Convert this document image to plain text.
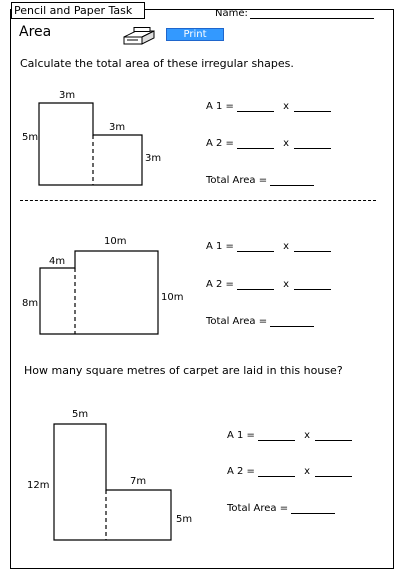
Pencil and Paper Task	Name:
Area	Print
Calculate the total area of these irregular shapes.
3m
5m
3m
3m
A 1 =	x
A 2 =	x
Total Area =
10m
4m
8m
10m
A 1 =	x
A 2 =	x
Total Area =
How many square metres of carpet are laid in this house?
5m
12m	7m
5m
A 1 =	x
A 2 =	x
Total Area =
